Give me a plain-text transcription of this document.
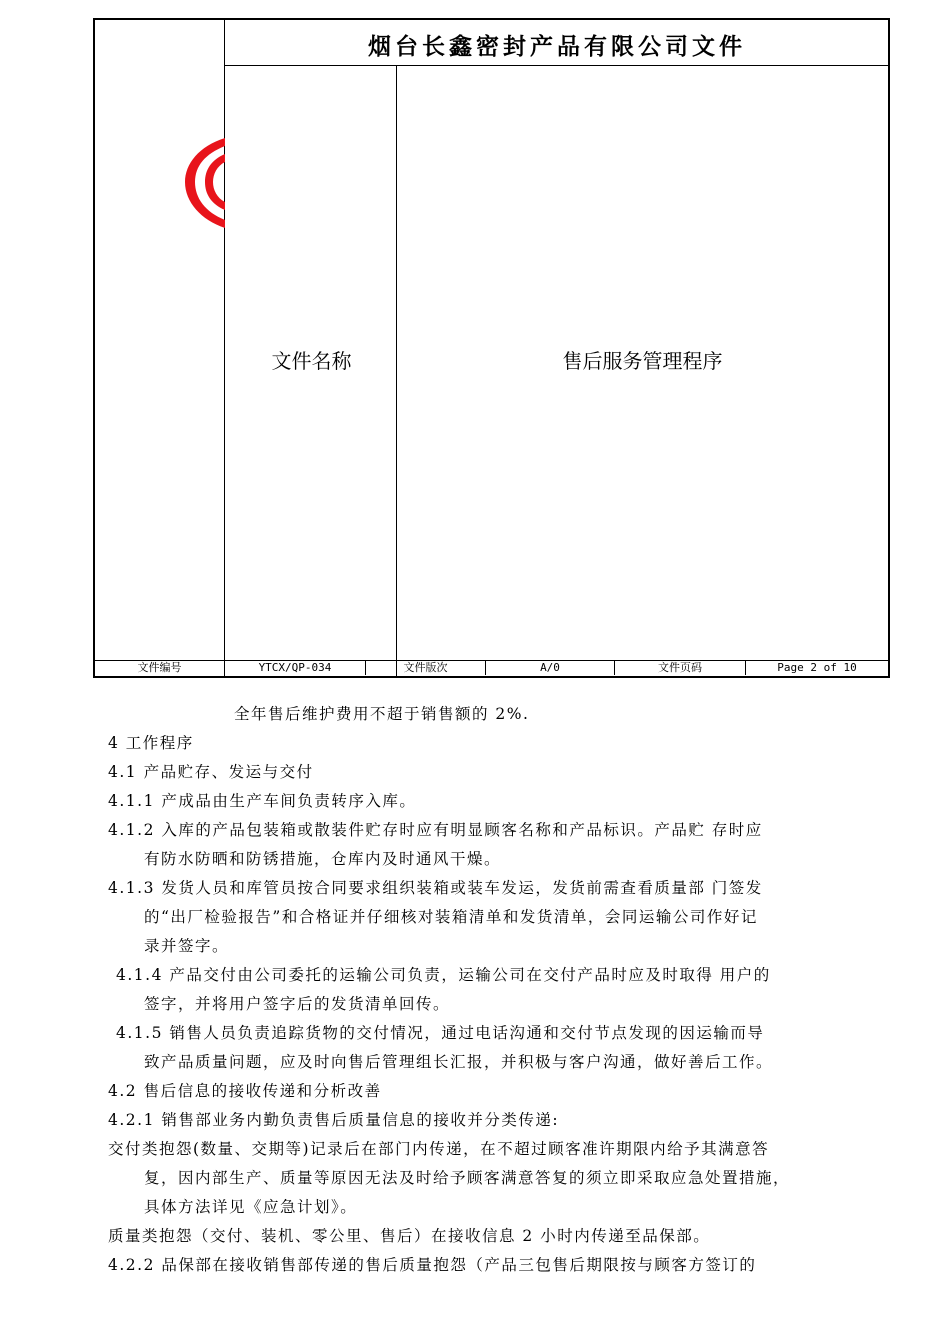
烟台长鑫密封产品有限公司文件
文件名称	售后服务管理程序
文件编号	YTCX/QP-034	文件版次	A/0	文件页码	Page 2 of 10
全年售后维护费用不超于销售额的 2%.
4 工作程序
4.1 产品贮存、发运与交付
4.1.1 产成品由生产车间负责转序入库。
4.1.2 入库的产品包装箱或散装件贮存时应有明显顾客名称和产品标识。产品贮 存时应
有防水防晒和防锈措施，仓库内及时通风干燥。
4.1.3 发货人员和库管员按合同要求组织装箱或装车发运，发货前需查看质量部 门签发
的“出厂检验报告”和合格证并仔细核对装箱清单和发货清单，会同运输公司作好记
录并签字。
4.1.4 产品交付由公司委托的运输公司负责，运输公司在交付产品时应及时取得 用户的
签字，并将用户签字后的发货清单回传。
4.1.5 销售人员负责追踪货物的交付情况，通过电话沟通和交付节点发现的因运输而导
致产品质量问题，应及时向售后管理组长汇报，并积极与客户沟通，做好善后工作。
4.2 售后信息的接收传递和分析改善
4.2.1 销售部业务内勤负责售后质量信息的接收并分类传递:
交付类抱怨(数量、交期等)记录后在部门内传递，在不超过顾客准许期限内给予其满意答
复，因内部生产、质量等原因无法及时给予顾客满意答复的须立即采取应急处置措施，
具体方法详见《应急计划》。
质量类抱怨（交付、装机、零公里、售后）在接收信息 2 小时内传递至品保部。
4.2.2 品保部在接收销售部传递的售后质量抱怨（产品三包售后期限按与顾客方签订的
